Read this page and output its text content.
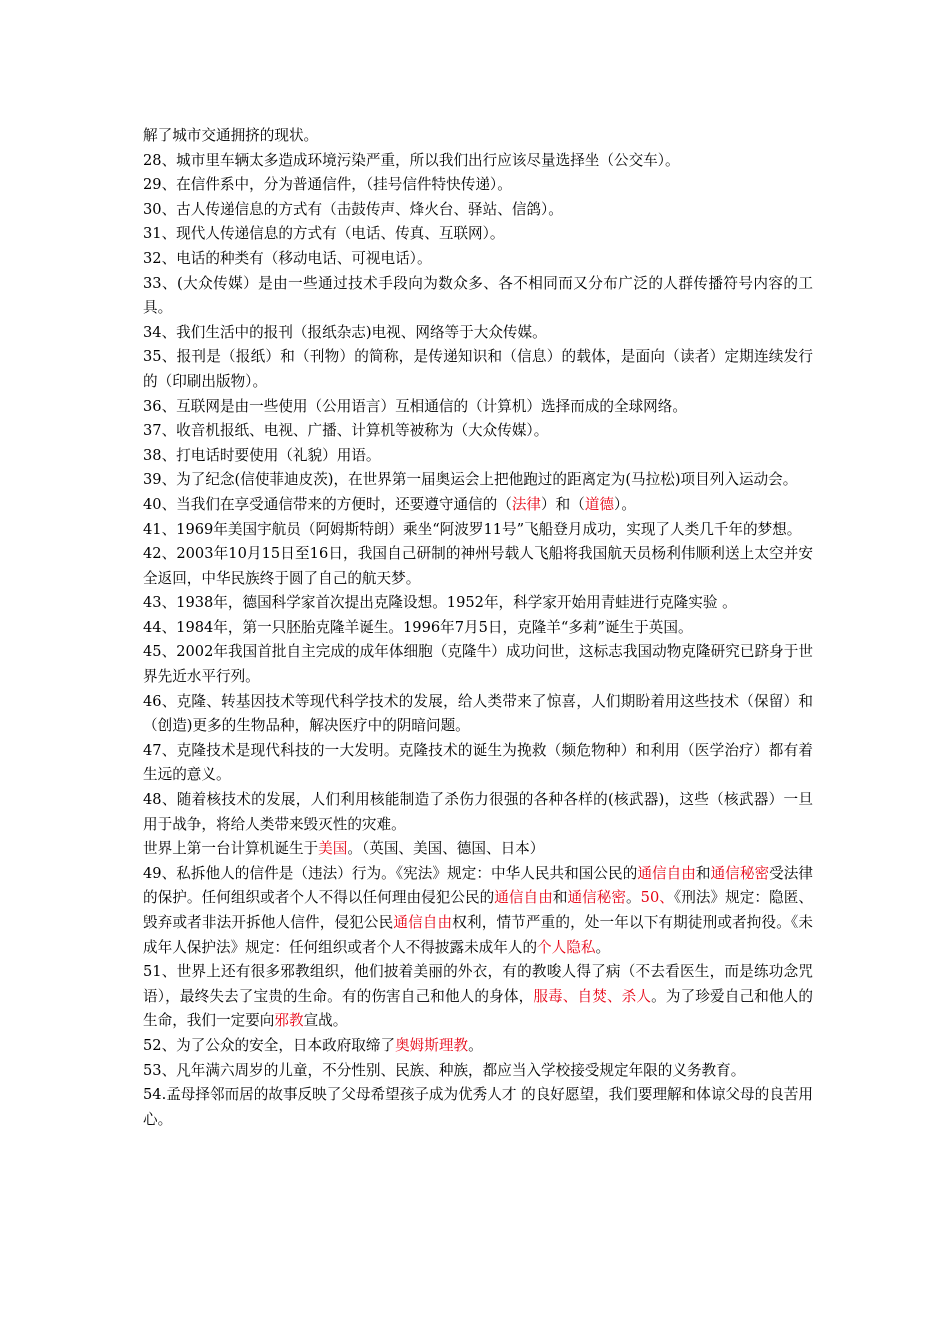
解了城市交通拥挤的现状。

28、城市里车辆太多造成环境污染严重，所以我们出行应该尽量选择坐（公交车）。

29、在信件系中，分为普通信件，（挂号信件特快传递）。

30、古人传递信息的方式有（击鼓传声、烽火台、驿站、信鸽）。

31、现代人传递信息的方式有（电话、传真、互联网）。

32、电话的种类有（移动电话、可视电话）。

33、(大众传媒）是由一些通过技术手段向为数众多、各不相同而又分布广泛的人群传播符号内容的工具。

34、我们生活中的报刊（报纸杂志)电视、网络等于大众传媒。

35、报刊是（报纸）和（刊物）的简称，是传递知识和（信息）的载体，是面向（读者）定期连续发行的（印刷出版物）。

36、互联网是由一些使用（公用语言）互相通信的（计算机）选择而成的全球网络。

37、收音机报纸、电视、广播、计算机等被称为（大众传媒）。

38、打电话时要使用（礼貌）用语。

39、为了纪念(信使菲迪皮茨)，在世界第一届奥运会上把他跑过的距离定为(马拉松)项目列入运动会。

40、当我们在享受通信带来的方便时，还要遵守通信的（法律）和（道德）。

41、1969年美国宇航员（阿姆斯特朗）乘坐“阿波罗11号”飞船登月成功，实现了人类几千年的梦想。

42、2003年10月15日至16日，我国自己研制的神州号载人飞船将我国航天员杨利伟顺利送上太空并安全返回，中华民族终于圆了自己的航天梦。

43、1938年，德国科学家首次提出克隆设想。1952年，科学家开始用青蛙进行克隆实验 。

44、1984年，第一只胚胎克隆羊诞生。1996年7月5日，克隆羊“多莉”诞生于英国。

45、2002年我国首批自主完成的成年体细胞（克隆牛）成功问世，这标志我国动物克隆研究已跻身于世界先近水平行列。

46、克隆、转基因技术等现代科学技术的发展，给人类带来了惊喜，人们期盼着用这些技术（保留）和（创造)更多的生物品种，解决医疗中的阴暗问题。

47、克隆技术是现代科技的一大发明。克隆技术的诞生为挽救（频危物种）和利用（医学治疗）都有着生远的意义。

48、随着核技术的发展，人们利用核能制造了杀伤力很强的各种各样的(核武器)，这些（核武器）一旦用于战争，将给人类带来毁灭性的灾难。

世界上第一台计算机诞生于美国。（英国、美国、德国、日本）

49、私拆他人的信件是（违法）行为。《宪法》规定：中华人民共和国公民的通信自由和通信秘密受法律的保护。任何组织或者个人不得以任何理由侵犯公民的通信自由和通信秘密。50、《刑法》规定：隐匿、毁弃或者非法开拆他人信件，侵犯公民通信自由权利，情节严重的，处一年以下有期徒刑或者拘役。《未成年人保护法》规定：任何组织或者个人不得披露未成年人的个人隐私。

51、世界上还有很多邪教组织，他们披着美丽的外衣，有的教唆人得了病（不去看医生，而是练功念咒语），最终失去了宝贵的生命。有的伤害自己和他人的身体，服毒、自焚、杀人。为了珍爱自己和他人的生命，我们一定要向邪教宣战。

52、为了公众的安全，日本政府取缔了奥姆斯理教。

53、凡年满六周岁的儿童，不分性别、民族、种族，都应当入学校接受规定年限的义务教育。

54.孟母择邻而居的故事反映了父母希望孩子成为优秀人才 的良好愿望，我们要理解和体谅父母的良苦用心。
